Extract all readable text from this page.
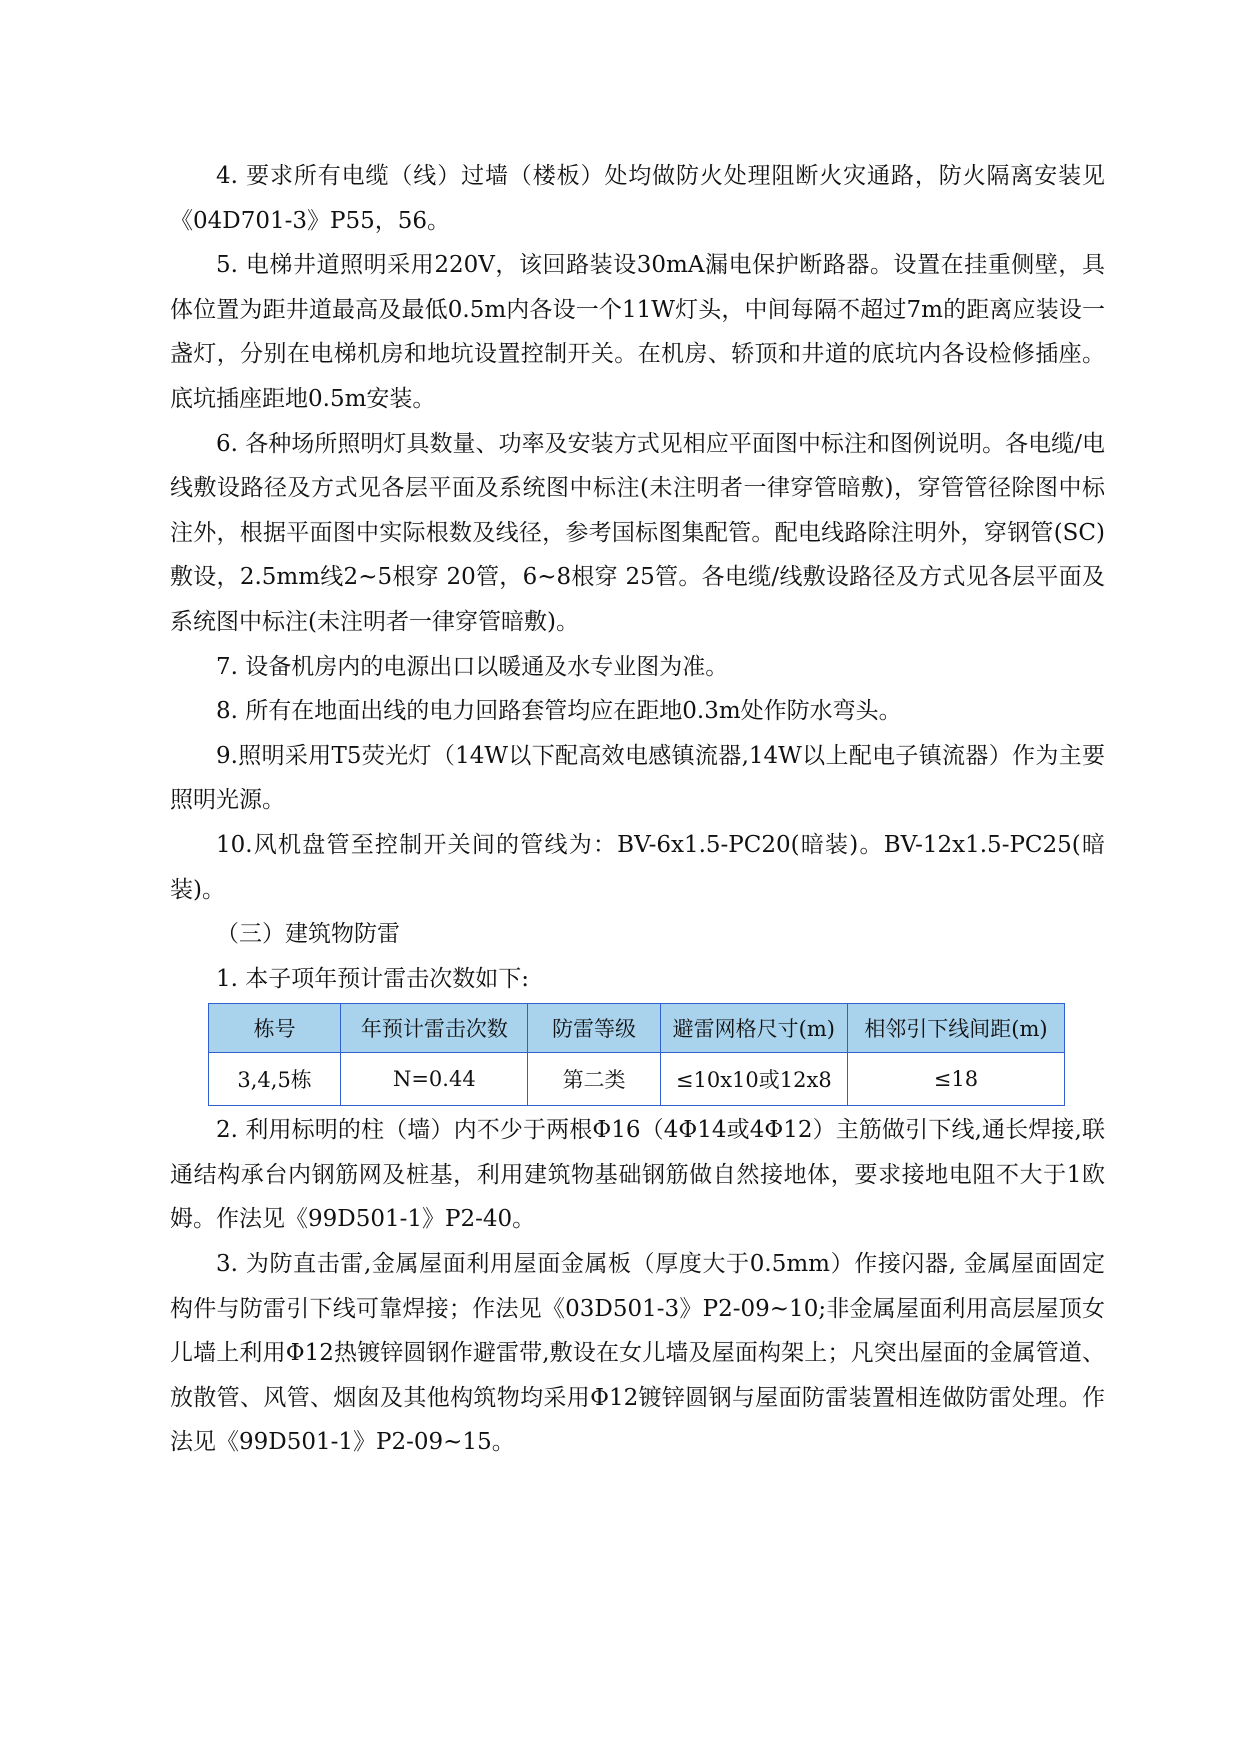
4. 要求所有电缆（线）过墙（楼板）处均做防火处理阻断火灾通路，防火隔离安装见《04D701-3》P55，56。

5. 电梯井道照明采用220V，该回路装设30mA漏电保护断路器。设置在挂重侧壁，具体位置为距井道最高及最低0.5m内各设一个11W灯头，中间每隔不超过7m的距离应装设一盏灯，分别在电梯机房和地坑设置控制开关。在机房、轿顶和井道的底坑内各设检修插座。底坑插座距地0.5m安装。

6. 各种场所照明灯具数量、功率及安装方式见相应平面图中标注和图例说明。各电缆/电线敷设路径及方式见各层平面及系统图中标注(未注明者一律穿管暗敷)，穿管管径除图中标注外，根据平面图中实际根数及线径，参考国标图集配管。配电线路除注明外，穿钢管(SC)敷设，2.5mm线2~5根穿 20管，6~8根穿 25管。各电缆/线敷设路径及方式见各层平面及系统图中标注(未注明者一律穿管暗敷)。

7. 设备机房内的电源出口以暖通及水专业图为准。

8. 所有在地面出线的电力回路套管均应在距地0.3m处作防水弯头。

9.照明采用T5荧光灯（14W以下配高效电感镇流器,14W以上配电子镇流器）作为主要照明光源。

10.风机盘管至控制开关间的管线为：BV-6x1.5-PC20(暗装)。BV-12x1.5-PC25(暗装)。

（三）建筑物防雷

1. 本子项年预计雷击次数如下:

栋号	年预计雷击次数	防雷等级	避雷网格尺寸(m)	相邻引下线间距(m)
3,4,5栋	N=0.44	第二类	≤10x10或12x8	≤18

2. 利用标明的柱（墙）内不少于两根Φ16（4Φ14或4Φ12）主筋做引下线,通长焊接,联通结构承台内钢筋网及桩基，利用建筑物基础钢筋做自然接地体，要求接地电阻不大于1欧姆。作法见《99D501-1》P2-40。

3. 为防直击雷,金属屋面利用屋面金属板（厚度大于0.5mm）作接闪器, 金属屋面固定构件与防雷引下线可靠焊接；作法见《03D501-3》P2-09~10;非金属屋面利用高层屋顶女儿墙上利用Φ12热镀锌圆钢作避雷带,敷设在女儿墙及屋面构架上；凡突出屋面的金属管道、放散管、风管、烟囱及其他构筑物均采用Φ12镀锌圆钢与屋面防雷装置相连做防雷处理。作法见《99D501-1》P2-09~15。
